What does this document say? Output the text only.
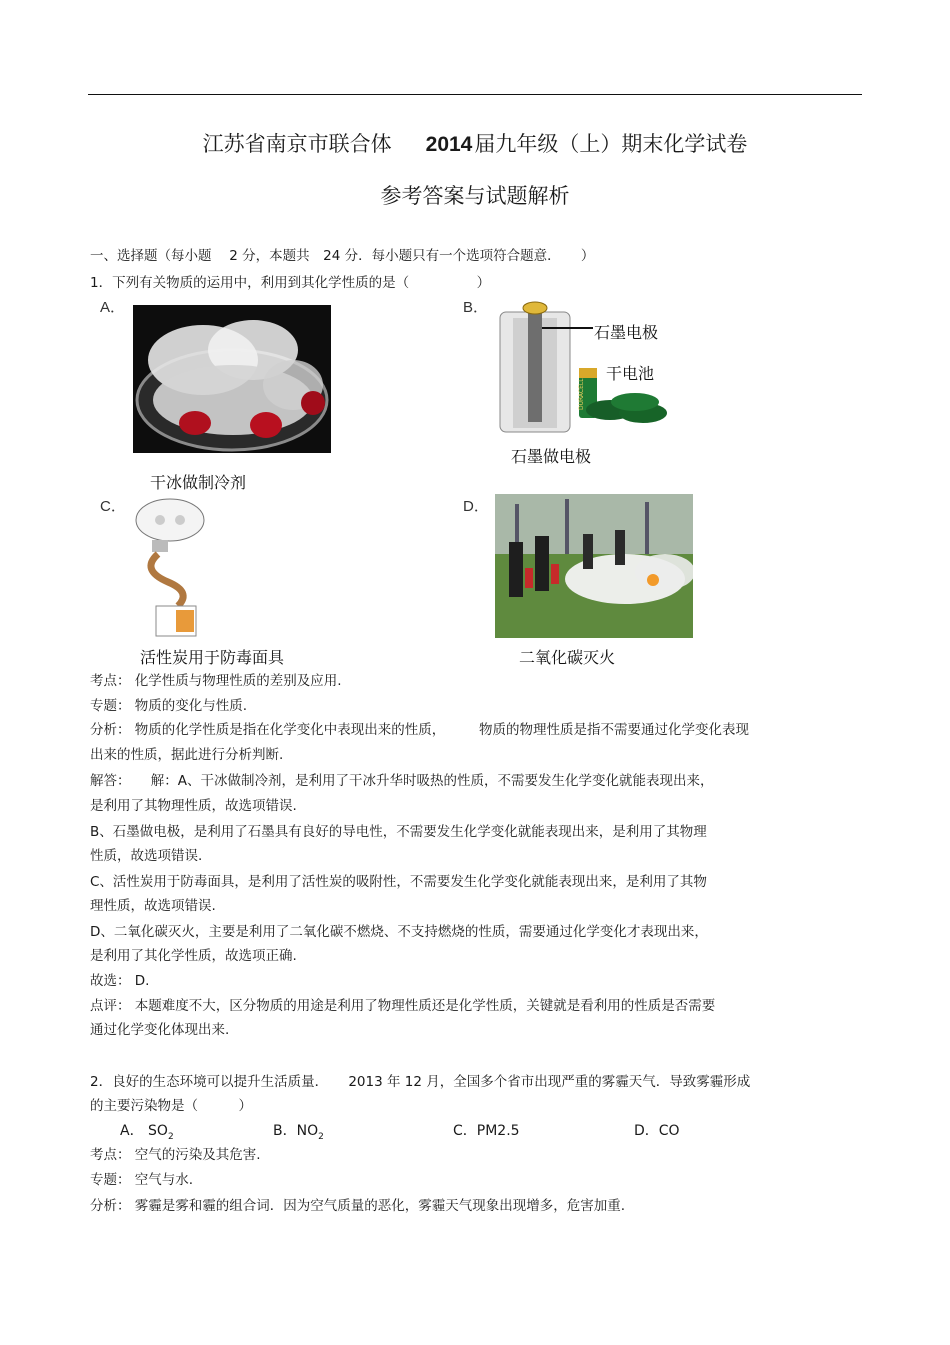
江苏省南京市联合体 2014届九年级（上）期末化学试卷
参考答案与试题解析
一、选择题（每小题　 2 分，本题共　24 分．每小题只有一个选项符合题意．　　）
1．下列有关物质的运用中，利用到其化学性质的是（　　　　　）
A．
干冰做制冷剂
B．
石墨电极
干电池
DURACELL
石墨做电极
C．
活性炭用于防毒面具
D．
二氧化碳灭火
考点： 化学性质与物理性质的差别及应用.
专题： 物质的变化与性质.
分析： 物质的化学性质是指在化学变化中表现出来的性质，　　　物质的物理性质是指不需要通过化学变化表现
出来的性质，据此进行分析判断.
解答：　　解：A、干冰做制冷剂，是利用了干冰升华时吸热的性质，不需要发生化学变化就能表现出来，
是利用了其物理性质，故选项错误.
B、石墨做电极，是利用了石墨具有良好的导电性，不需要发生化学变化就能表现出来，是利用了其物理
性质，故选项错误.
C、活性炭用于防毒面具，是利用了活性炭的吸附性，不需要发生化学变化就能表现出来，是利用了其物
理性质，故选项错误.
D、二氧化碳灭火，主要是利用了二氧化碳不燃烧、不支持燃烧的性质，需要通过化学变化才表现出来，
是利用了其化学性质，故选项正确.
故选： D.
点评： 本题难度不大，区分物质的用途是利用了物理性质还是化学性质，关键就是看利用的性质是否需要
通过化学变化体现出来.
2．良好的生态环境可以提升生活质量．　　2013 年 12 月，全国多个省市出现严重的雾霾天气．导致雾霾形成
的主要污染物是（　　　）
A． $SO_2$	B．$NO_2$	C．PM2.5	D．CO
考点： 空气的污染及其危害.
专题： 空气与水.
分析： 雾霾是雾和霾的组合词．因为空气质量的恶化，雾霾天气现象出现增多，危害加重.
